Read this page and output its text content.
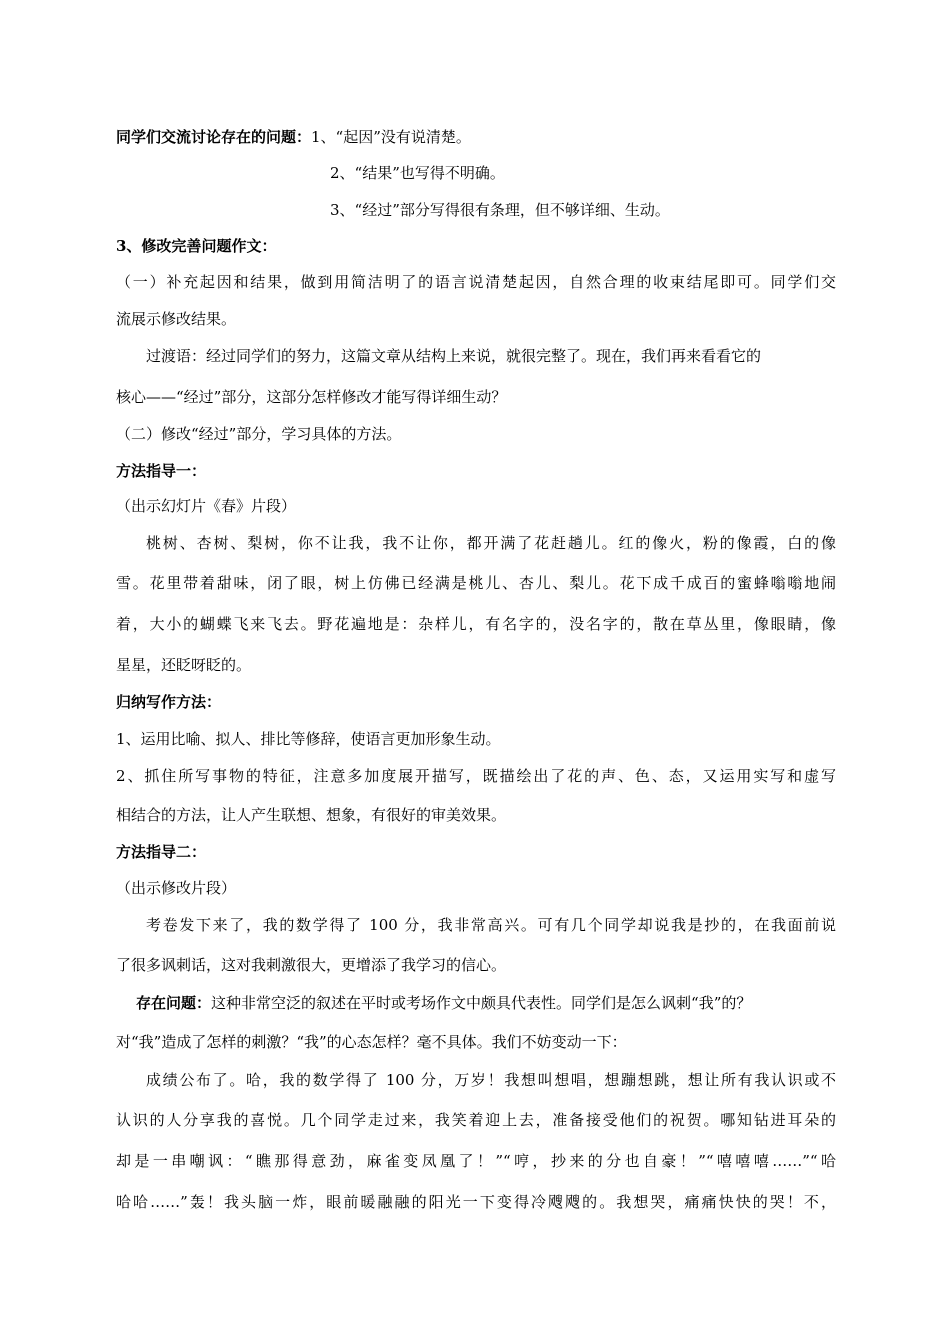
同学们交流讨论存在的问题：1、“起因”没有说清楚。
2、“结果”也写得不明确。
3、“经过”部分写得很有条理，但不够详细、生动。
3、修改完善问题作文：
（一）补充起因和结果，做到用简洁明了的语言说清楚起因，自然合理的收束结尾即可。同学们交
流展示修改结果。
过渡语：经过同学们的努力，这篇文章从结构上来说，就很完整了。现在，我们再来看看它的
核心——“经过”部分，这部分怎样修改才能写得详细生动？
（二）修改“经过”部分，学习具体的方法。
方法指导一：
（出示幻灯片《春》片段）
桃树、杏树、梨树，你不让我，我不让你，都开满了花赶趟儿。红的像火，粉的像霞，白的像
雪。花里带着甜味，闭了眼，树上仿佛已经满是桃儿、杏儿、梨儿。花下成千成百的蜜蜂嗡嗡地闹
着，大小的蝴蝶飞来飞去。野花遍地是：杂样儿，有名字的，没名字的，散在草丛里，像眼睛，像
星星，还眨呀眨的。
归纳写作方法：
1、运用比喻、拟人、排比等修辞，使语言更加形象生动。
2、抓住所写事物的特征，注意多加度展开描写，既描绘出了花的声、色、态，又运用实写和虚写
相结合的方法，让人产生联想、想象，有很好的审美效果。
方法指导二：
（出示修改片段）
考卷发下来了，我的数学得了 100 分，我非常高兴。可有几个同学却说我是抄的，在我面前说
了很多讽刺话，这对我刺激很大，更增添了我学习的信心。
存在问题：这种非常空泛的叙述在平时或考场作文中颇具代表性。同学们是怎么讽刺“我”的？
对“我”造成了怎样的刺激？“我”的心态怎样？毫不具体。我们不妨变动一下：
成绩公布了。哈，我的数学得了 100 分，万岁！我想叫想唱，想蹦想跳，想让所有我认识或不
认识的人分享我的喜悦。几个同学走过来，我笑着迎上去，准备接受他们的祝贺。哪知钻进耳朵的
却是一串嘲讽：“瞧那得意劲，麻雀变凤凰了！”“哼，抄来的分也自豪！”“嘻嘻嘻……”“哈
哈哈……”轰！我头脑一炸，眼前暖融融的阳光一下变得冷飕飕的。我想哭，痛痛快快的哭！不，
